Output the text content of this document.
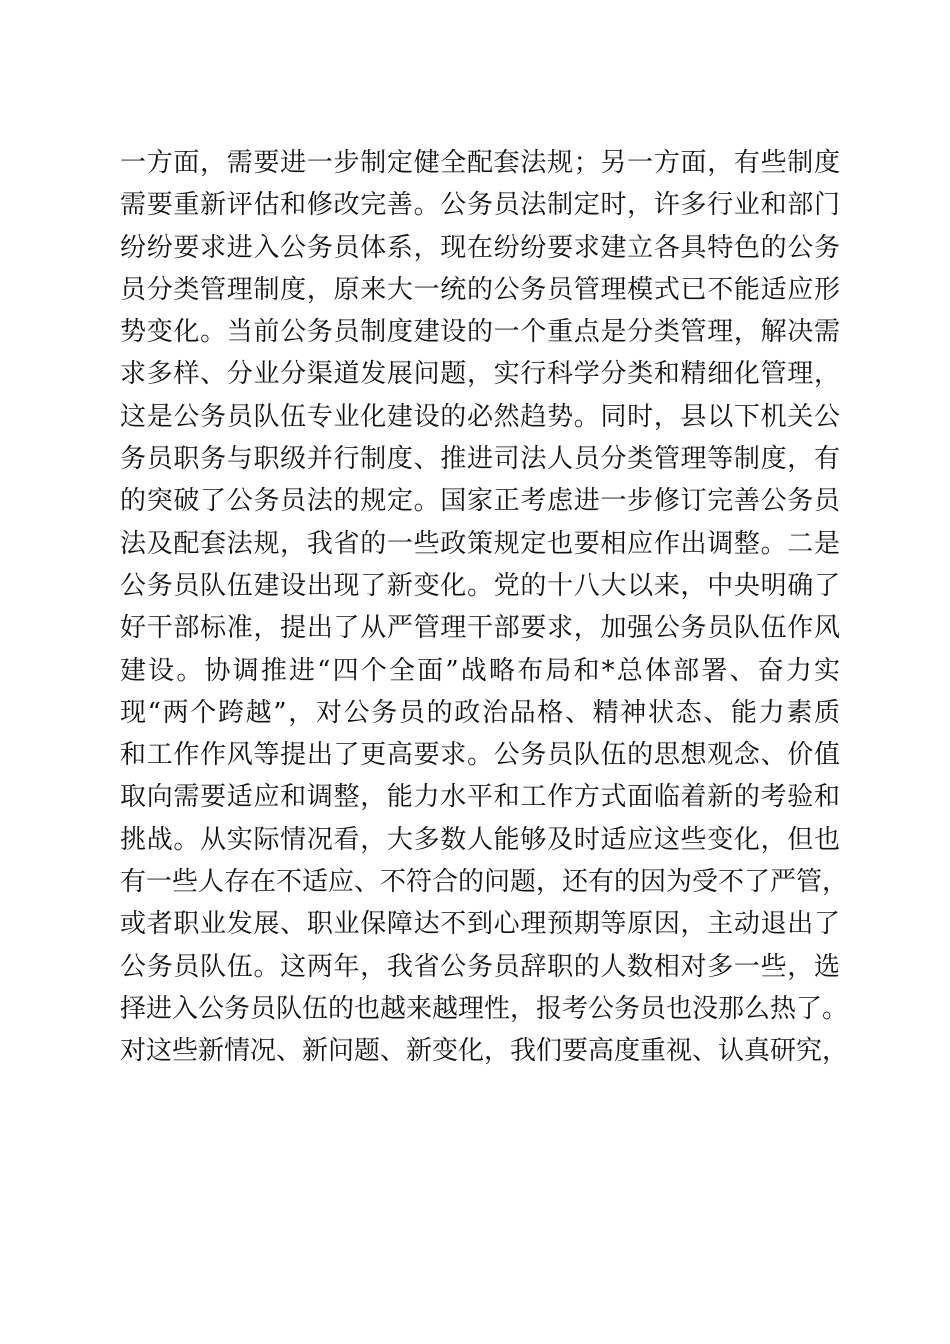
一方面，需要进一步制定健全配套法规；另一方面，有些制度
需要重新评估和修改完善。公务员法制定时，许多行业和部门
纷纷要求进入公务员体系，现在纷纷要求建立各具特色的公务
员分类管理制度，原来大一统的公务员管理模式已不能适应形
势变化。当前公务员制度建设的一个重点是分类管理，解决需
求多样、分业分渠道发展问题，实行科学分类和精细化管理，
这是公务员队伍专业化建设的必然趋势。同时，县以下机关公
务员职务与职级并行制度、推进司法人员分类管理等制度，有
的突破了公务员法的规定。国家正考虑进一步修订完善公务员
法及配套法规，我省的一些政策规定也要相应作出调整。二是
公务员队伍建设出现了新变化。党的十八大以来，中央明确了
好干部标准，提出了从严管理干部要求，加强公务员队伍作风
建设。协调推进“四个全面”战略布局和*总体部署、奋力实
现“两个跨越”，对公务员的政治品格、精神状态、能力素质
和工作作风等提出了更高要求。公务员队伍的思想观念、价值
取向需要适应和调整，能力水平和工作方式面临着新的考验和
挑战。从实际情况看，大多数人能够及时适应这些变化，但也
有一些人存在不适应、不符合的问题，还有的因为受不了严管，
或者职业发展、职业保障达不到心理预期等原因，主动退出了
公务员队伍。这两年，我省公务员辞职的人数相对多一些，选
择进入公务员队伍的也越来越理性，报考公务员也没那么热了。
对这些新情况、新问题、新变化，我们要高度重视、认真研究，
